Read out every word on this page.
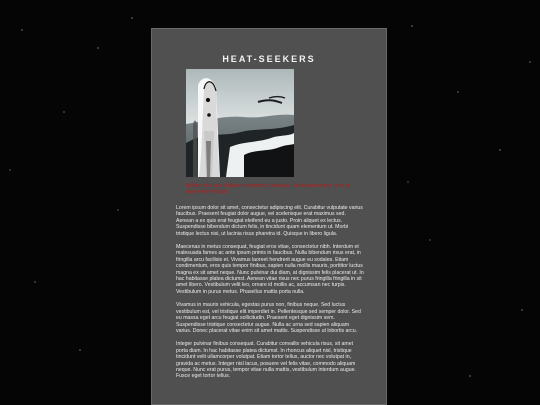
HEAT-SEEKERS
Nullam et a felis id diam elementum consequat. Vestibulum mattis dolor at diam vitae volutpat.

Lorem ipsum dolor sit amet, consectetur adipiscing elit. Curabitur vulputate varius faucibus. Praesent feugiat dolor augue, vel scelerisque erat maximus sed. Aenean a ex quis erat feugiat eleifend eu a justo. Proin aliquet ex lectus. Suspendisse bibendum dictum felis, in tincidunt quam elementum ut. Morbi tristique lectus nisi, ut lacinia risus pharetra id. Quisque in libero ligula.

Maecenas in metus consequat, feugiat eros vitae, consectetur nibh. Interdum et malesuada fames ac ante ipsum primis in faucibus. Nulla bibendum risus erat, in fringilla arcu facilisis et. Vivamus laoreet hendrerit augue eu sodales. Etiam condimentum, eros quis tempor finibus, sapien nulla mollis mauris, porttitor luctus magna ex sit amet neque. Nunc pulvinar dui diam, at dignissim felis placerat ut. In hac habitasse platea dictumst. Aenean vitae risus nec purus fringilla fringilla in sit amet libero. Vestibulum velit leo, ornare id mollis ac, accumsan nec turpis. Vestibulum in purus metus. Phasellus mattis porta nulla.

Vivamus in mauris vehicula, egestas purus non, finibus neque. Sed luctus vestibulum est, vel tristique elit imperdiet in. Pellentesque sed semper dolor. Sed eu massa eget arcu feugiat sollicitudin. Praesent eget dignissim sem. Suspendisse tristique consectetur augue. Nulla ac urna sed sapien aliquam varius. Donec placerat vitae enim sit amet mattis. Suspendisse ut lobortis arcu.

Integer pulvinar finibus consequat. Curabitur convallis vehicula risus, sit amet porta diam. In hac habitasse platea dictumst. In rhoncus aliquet nisl, tristique tincidunt velit ullamcorper volutpat. Etiam tortor tellus, auctor nec volutpat in, gravida ac metus. Integer nisl lacus, posuere vel felis vitae, commodo aliquam neque. Nunc erat purus, tempor vitae nulla mattis, vestibulum interdum augue. Fusce eget tortor tellus.
